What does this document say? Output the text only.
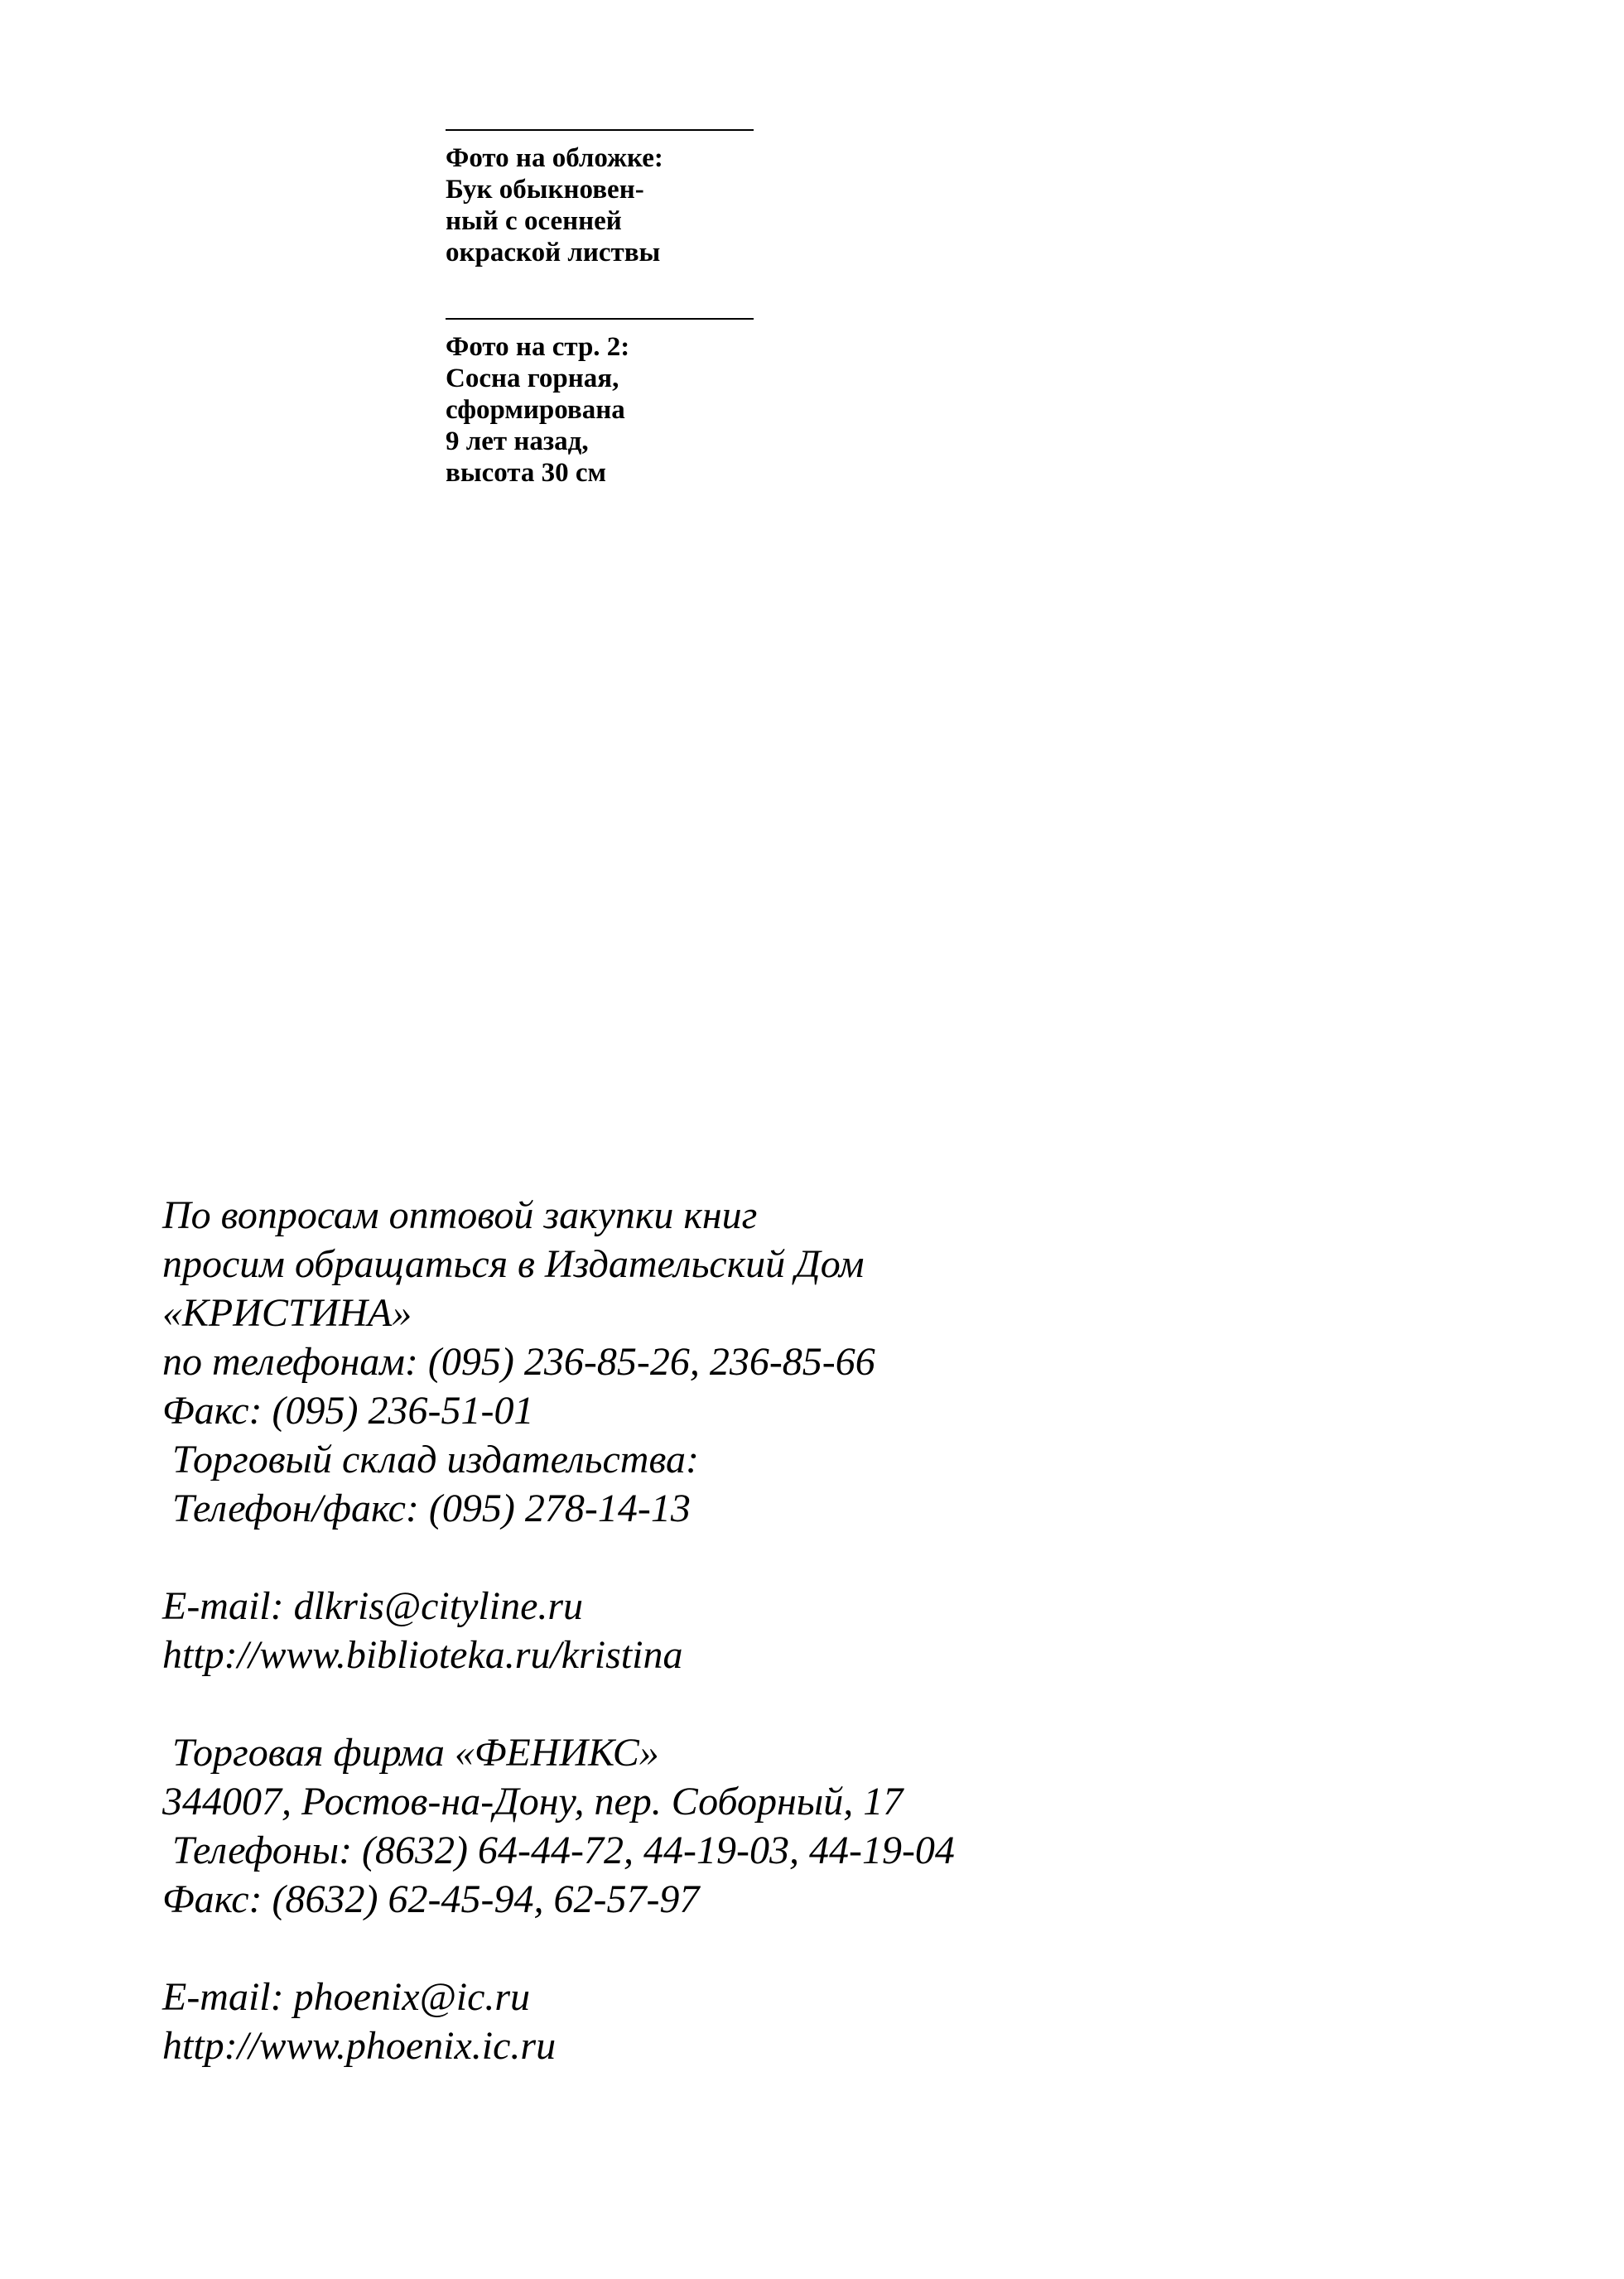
Фото на обложке:
Бук обыкновен-
ный с осенней
окраской листвы
Фото на стр. 2:
Сосна горная,
сформирована
9 лет назад,
высота 30 см
По вопросам оптовой закупки книг
просим обращаться в Издательский Дом
«КРИСТИНА»
по телефонам: (095) 236-85-26, 236-85-66
Факс: (095) 236-51-01
Торговый склад издательства:
Телефон/факс: (095) 278-14-13
E-mail: dlkris@cityline.ru
http://www.biblioteka.ru/kristina
Торговая фирма «ФЕНИКС»
344007, Ростов-на-Дону, пер. Соборный, 17
Телефоны: (8632) 64-44-72, 44-19-03, 44-19-04
Факс: (8632) 62-45-94, 62-57-97
E-mail: phoenix@ic.ru
http://www.phoenix.ic.ru
